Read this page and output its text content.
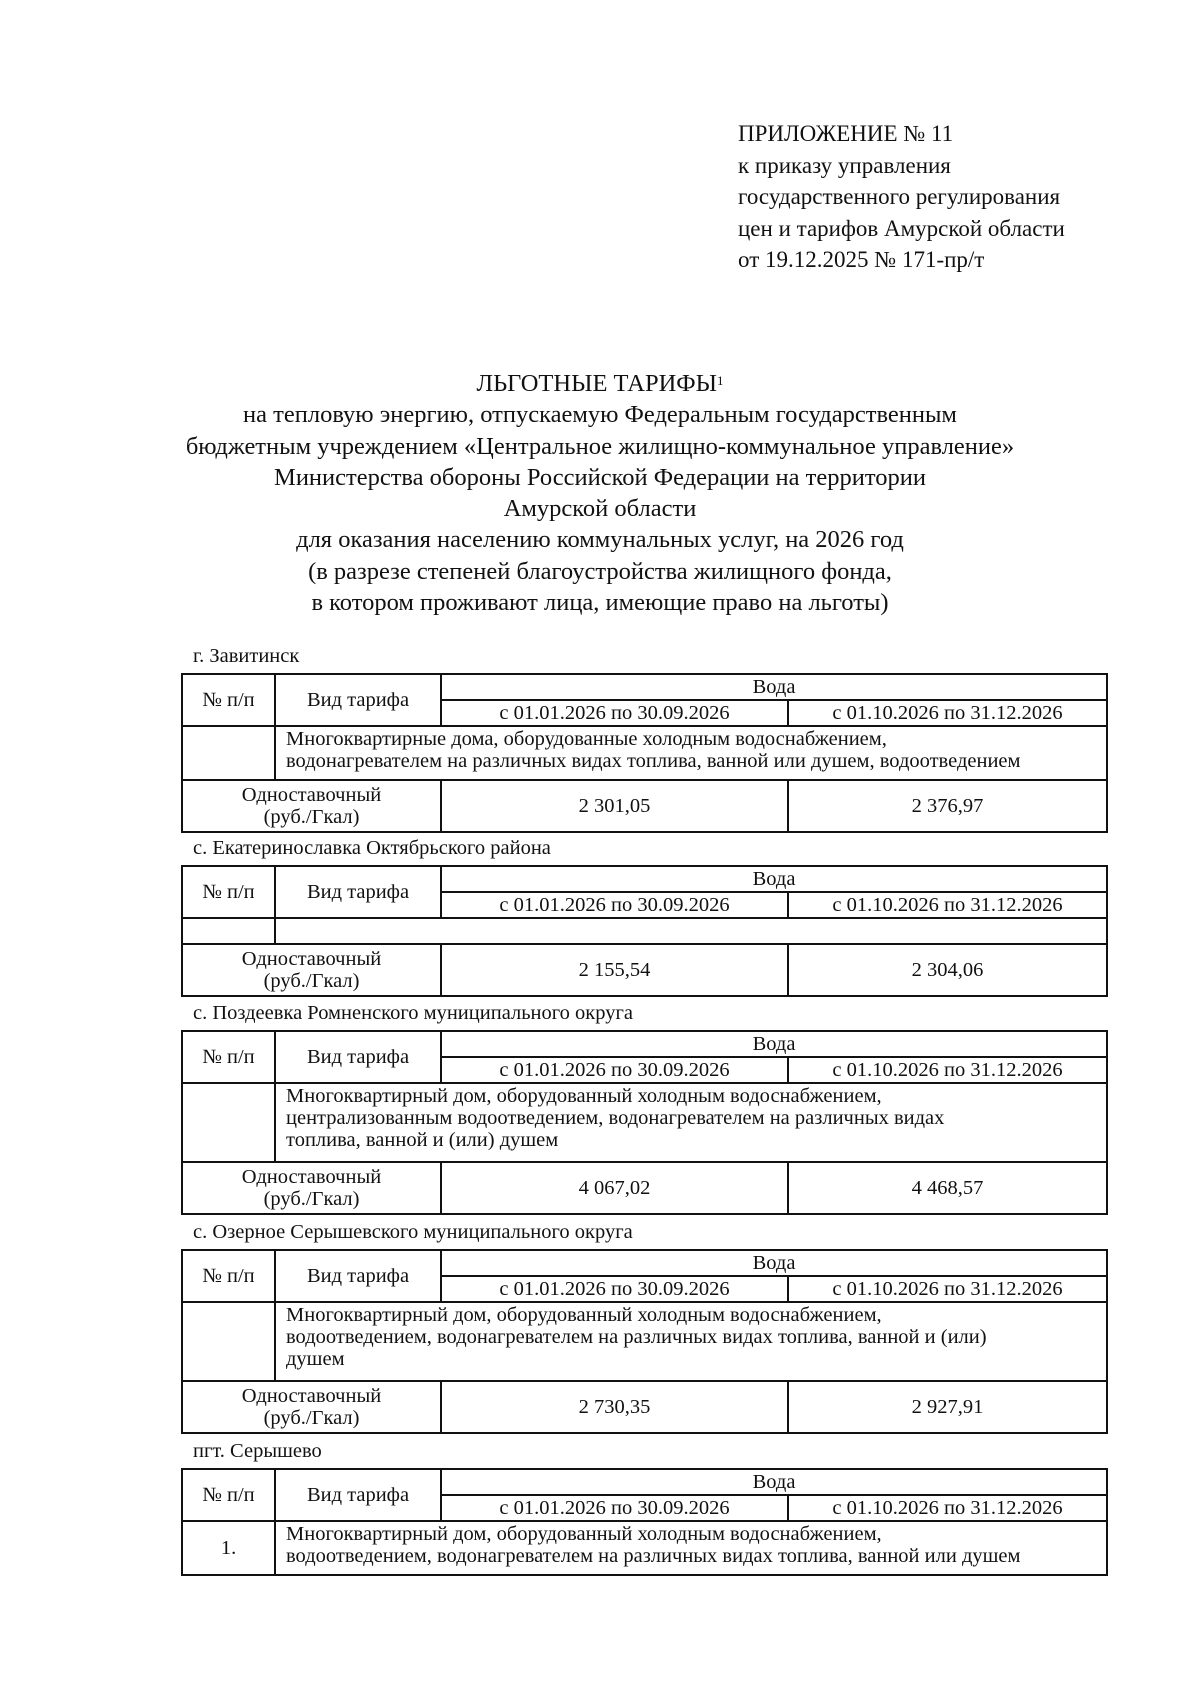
ПРИЛОЖЕНИЕ № 11
к приказу управления
государственного регулирования
цен и тарифов Амурской области
от 19.12.2025 № 171-пр/т
ЛЬГОТНЫЕ ТАРИФЫ$^1$
на тепловую энергию, отпускаемую Федеральным государственным
бюджетным учреждением «Центральное жилищно-коммунальное управление»
Министерства обороны Российской Федерации на территории
Амурской области
для оказания населению коммунальных услуг, на 2026 год
(в разрезе степеней благоустройства жилищного фонда,
в котором проживают лица, имеющие право на льготы)
г. Завитинск
№ п/п	Вид тарифа	Вода	
		с 01.01.2026 по 30.09.2026	с 01.10.2026 по 31.12.2026

	Многоквартирные дома, оборудованные холодным водоснабжением,
водонагревателем на различных видах топлива, ванной или душем, водоотведением		

Одноставочный
(руб./Гкал)		2 301,05	2 376,97
с. Екатеринославка Октябрьского района
№ п/п	Вид тарифа	Вода	
		с 01.01.2026 по 30.09.2026	с 01.10.2026 по 31.12.2026

Одноставочный
(руб./Гкал)		2 155,54	2 304,06
с. Поздеевка Ромненского муниципального округа
№ п/п	Вид тарифа	Вода	
		с 01.01.2026 по 30.09.2026	с 01.10.2026 по 31.12.2026

	Многоквартирный дом, оборудованный холодным водоснабжением,
централизованным водоотведением, водонагревателем на различных видах
топлива, ванной и (или) душем		

Одноставочный
(руб./Гкал)		4 067,02	4 468,57
с. Озерное Серышевского муниципального округа
№ п/п	Вид тарифа	Вода	
		с 01.01.2026 по 30.09.2026	с 01.10.2026 по 31.12.2026

	Многоквартирный дом, оборудованный холодным водоснабжением,
водоотведением, водонагревателем на различных видах топлива, ванной и (или)
душем		

Одноставочный
(руб./Гкал)		2 730,35	2 927,91
пгт. Серышево
№ п/п	Вид тарифа	Вода	
		с 01.01.2026 по 30.09.2026	с 01.10.2026 по 31.12.2026
1.	Многоквартирный дом, оборудованный холодным водоснабжением,
водоотведением, водонагревателем на различных видах топлива, ванной или душем		
